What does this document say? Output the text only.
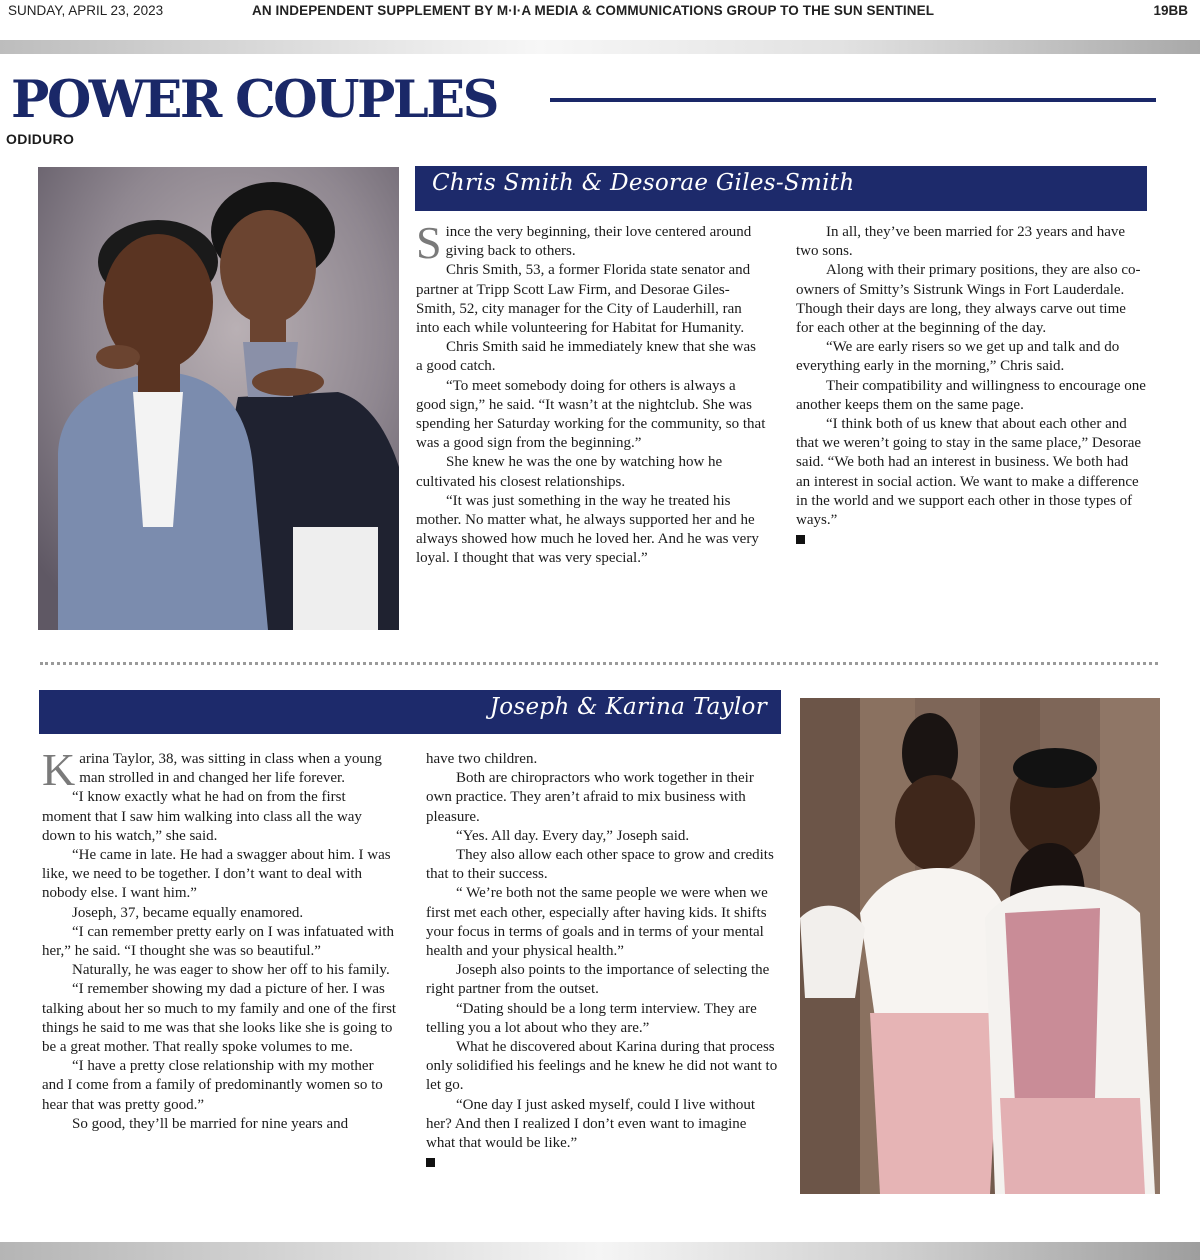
SUNDAY, APRIL 23, 2023	AN INDEPENDENT SUPPLEMENT BY M·I·A MEDIA & COMMUNICATIONS GROUP TO THE SUN SENTINEL	19BB
POWER COUPLES
ODIDURO
Chris Smith & Desorae Giles-Smith

Since the very beginning, their love centered around giving back to others.

Chris Smith, 53, a former Florida state senator and partner at Tripp Scott Law Firm, and Desorae Giles-Smith, 52, city manager for the City of Lauderhill, ran into each while volunteering for Habitat for Humanity.

Chris Smith said he immediately knew that she was a good catch.

“To meet somebody doing for others is always a good sign,” he said. “It wasn’t at the nightclub. She was spending her Saturday working for the community, so that was a good sign from the beginning.”

She knew he was the one by watching how he cultivated his closest relationships.

“It was just something in the way he treated his mother. No matter what, he always supported her and he always showed how much he loved her. And he was very loyal. I thought that was very special.”

In all, they’ve been married for 23 years and have two sons.

Along with their primary positions, they are also co-owners of Smitty’s Sistrunk Wings in Fort Lauderdale. Though their days are long, they always carve out time for each other at the beginning of the day.

“We are early risers so we get up and talk and do everything early in the morning,” Chris said.

Their compatibility and willingness to encourage one another keeps them on the same page.

“I think both of us knew that about each other and that we weren’t going to stay in the same place,” Desorae said. “We both had an interest in business. We both had an interest in social action. We want to make a difference in the world and we support each other in those types of ways.”

Joseph & Karina Taylor

Karina Taylor, 38, was sitting in class when a young man strolled in and changed her life forever.

“I know exactly what he had on from the first moment that I saw him walking into class all the way down to his watch,” she said.

“He came in late. He had a swagger about him. I was like, we need to be together. I don’t want to deal with nobody else. I want him.”

Joseph, 37, became equally enamored.

“I can remember pretty early on I was infatuated with her,” he said. “I thought she was so beautiful.”

Naturally, he was eager to show her off to his family.

“I remember showing my dad a picture of her. I was talking about her so much to my family and one of the first things he said to me was that she looks like she is going to be a great mother. That really spoke volumes to me.

“I have a pretty close relationship with my mother and I come from a family of predominantly women so to hear that was pretty good.”

So good, they’ll be married for nine years and

have two children.

Both are chiropractors who work together in their own practice. They aren’t afraid to mix business with pleasure.

“Yes. All day. Every day,” Joseph said.

They also allow each other space to grow and credits that to their success.

“ We’re both not the same people we were when we first met each other, especially after having kids. It shifts your focus in terms of goals and in terms of your mental health and your physical health.”

Joseph also points to the importance of selecting the right partner from the outset.

“Dating should be a long term interview. They are telling you a lot about who they are.”

What he discovered about Karina during that process only solidified his feelings and he knew he did not want to let go.

“One day I just asked myself, could I live without her? And then I realized I don’t even want to imagine what that would be like.”
